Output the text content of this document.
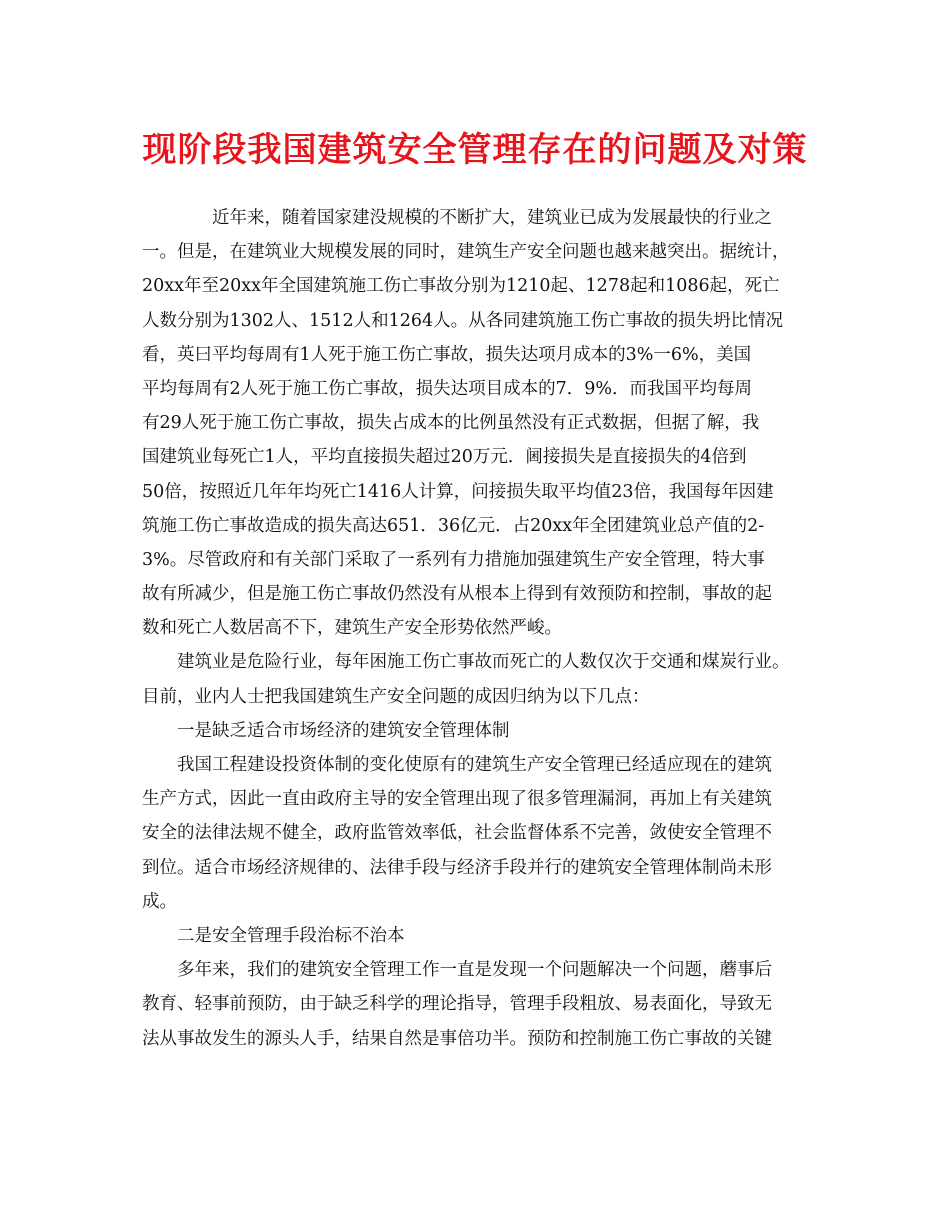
现阶段我国建筑安全管理存在的问题及对策
近年来，随着国家建没规模的不断扩大，建筑业已成为发展最快的行业之
一。但是，在建筑业大规模发展的同时，建筑生产安全问题也越来越突出。据统计，
20xx年至20xx年全国建筑施工伤亡事故分别为1210起、1278起和1086起，死亡
人数分别为1302人、1512人和1264人。从各同建筑施工伤亡事故的损失坍比情况
看，英曰平均每周有1人死于施工伤亡事故，损失达项月成本的3%一6%，美国
平均每周有2人死于施工伤亡事故，损失达项目成本的7．9%．而我国平均每周
有29人死于施工伤亡事故，损失占成本的比例虽然没有正式数据，但据了解，我
国建筑业每死亡1人，平均直接损失超过20万元．阃接损失是直接损失的4倍到
50倍，按照近几年年均死亡1416人计算，问接损失取平均值23倍，我国每年因建
筑施工伤亡事故造成的损失高达651．36亿元．占20xx年全团建筑业总产值的2-
3%。尽管政府和有关部门采取了一系列有力措施加强建筑生产安全管理，特大事
故有所减少，但是施工伤亡事故仍然没有从根本上得到有效预防和控制，事故的起
数和死亡人数居高不下，建筑生产安全形势依然严峻。
建筑业是危险行业，每年困施工伤亡事故而死亡的人数仅次于交通和煤炭行业。
目前，业内人士把我国建筑生产安全问题的成因归纳为以下几点：
一是缺乏适合市场经济的建筑安全管理体制
我国工程建设投资体制的变化使原有的建筑生产安全管理已经适应现在的建筑
生产方式，因此一直由政府主导的安全管理出现了很多管理漏洞，再加上有关建筑
安全的法律法规不健全，政府监管效率低，社会监督体系不完善，敛使安全管理不
到位。适合市场经济规律的、法律手段与经济手段并行的建筑安全管理体制尚未形
成。
二是安全管理手段治标不治本
多年来，我们的建筑安全管理工作一直是发现一个问题解决一个问题，蘑事后
教育、轻事前预防，由于缺乏科学的理论指导，管理手段粗放、易表面化，导致无
法从事故发生的源头人手，结果自然是事倍功半。预防和控制施工伤亡事故的关键
